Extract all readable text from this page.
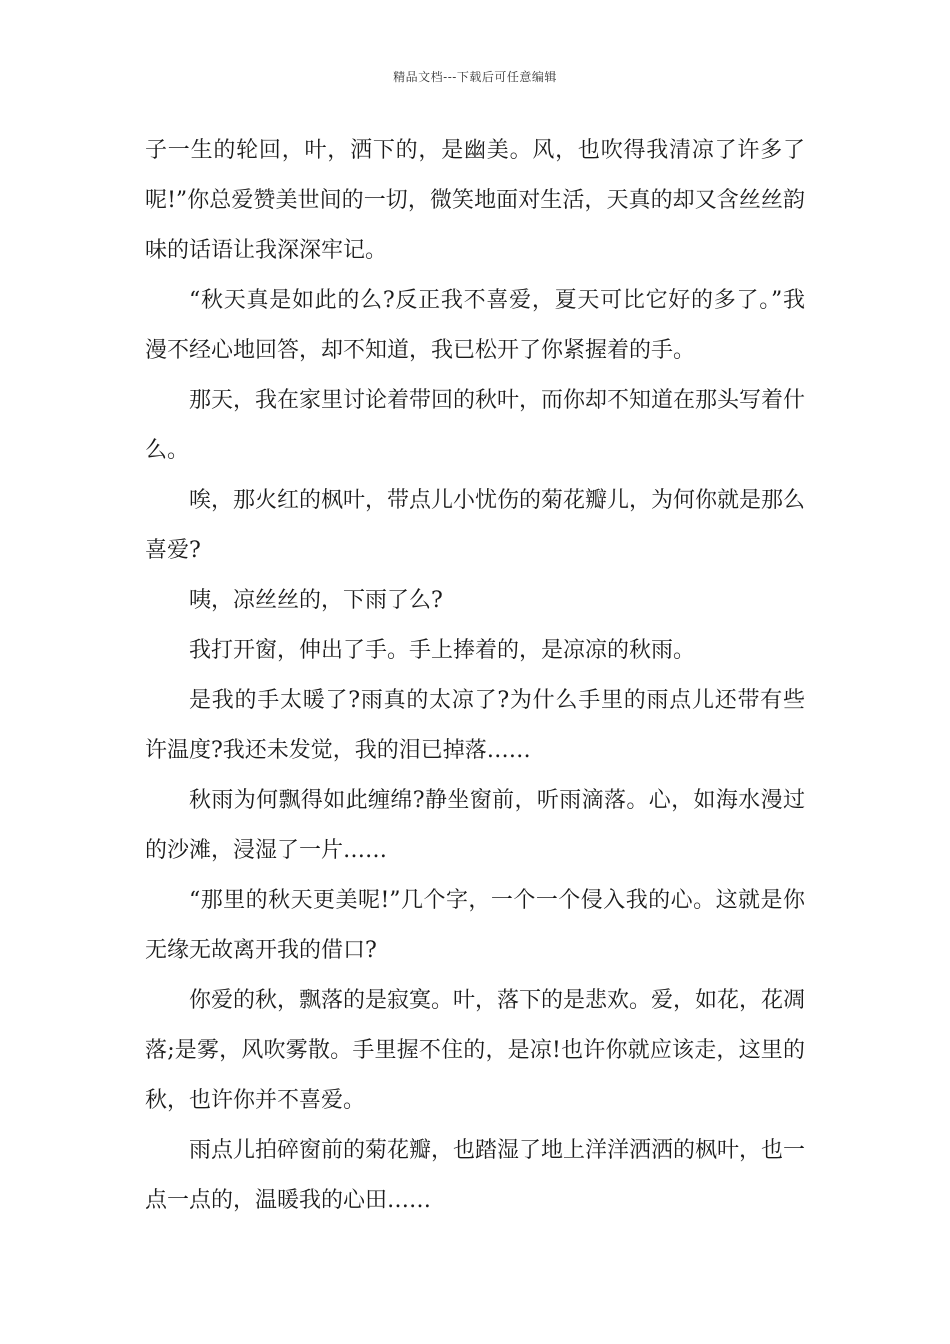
精品文档---下载后可任意编辑

子一生的轮回，叶，洒下的，是幽美。风，也吹得我清凉了许多了呢!”你总爱赞美世间的一切，微笑地面对生活，天真的却又含丝丝韵味的话语让我深深牢记。

“秋天真是如此的么?反正我不喜爱，夏天可比它好的多了。”我漫不经心地回答，却不知道，我已松开了你紧握着的手。

那天，我在家里讨论着带回的秋叶，而你却不知道在那头写着什么。

唉，那火红的枫叶，带点儿小忧伤的菊花瓣儿，为何你就是那么喜爱?

咦，凉丝丝的，下雨了么?

我打开窗，伸出了手。手上捧着的，是凉凉的秋雨。

是我的手太暖了?雨真的太凉了?为什么手里的雨点儿还带有些许温度?我还未发觉，我的泪已掉落……

秋雨为何飘得如此缠绵?静坐窗前，听雨滴落。心，如海水漫过的沙滩，浸湿了一片……

“那里的秋天更美呢!”几个字，一个一个侵入我的心。这就是你无缘无故离开我的借口?

你爱的秋，飘落的是寂寞。叶，落下的是悲欢。爱，如花，花凋落;是雾，风吹雾散。手里握不住的，是凉!也许你就应该走，这里的秋，也许你并不喜爱。

雨点儿拍碎窗前的菊花瓣，也踏湿了地上洋洋洒洒的枫叶，也一点一点的，温暖我的心田……
